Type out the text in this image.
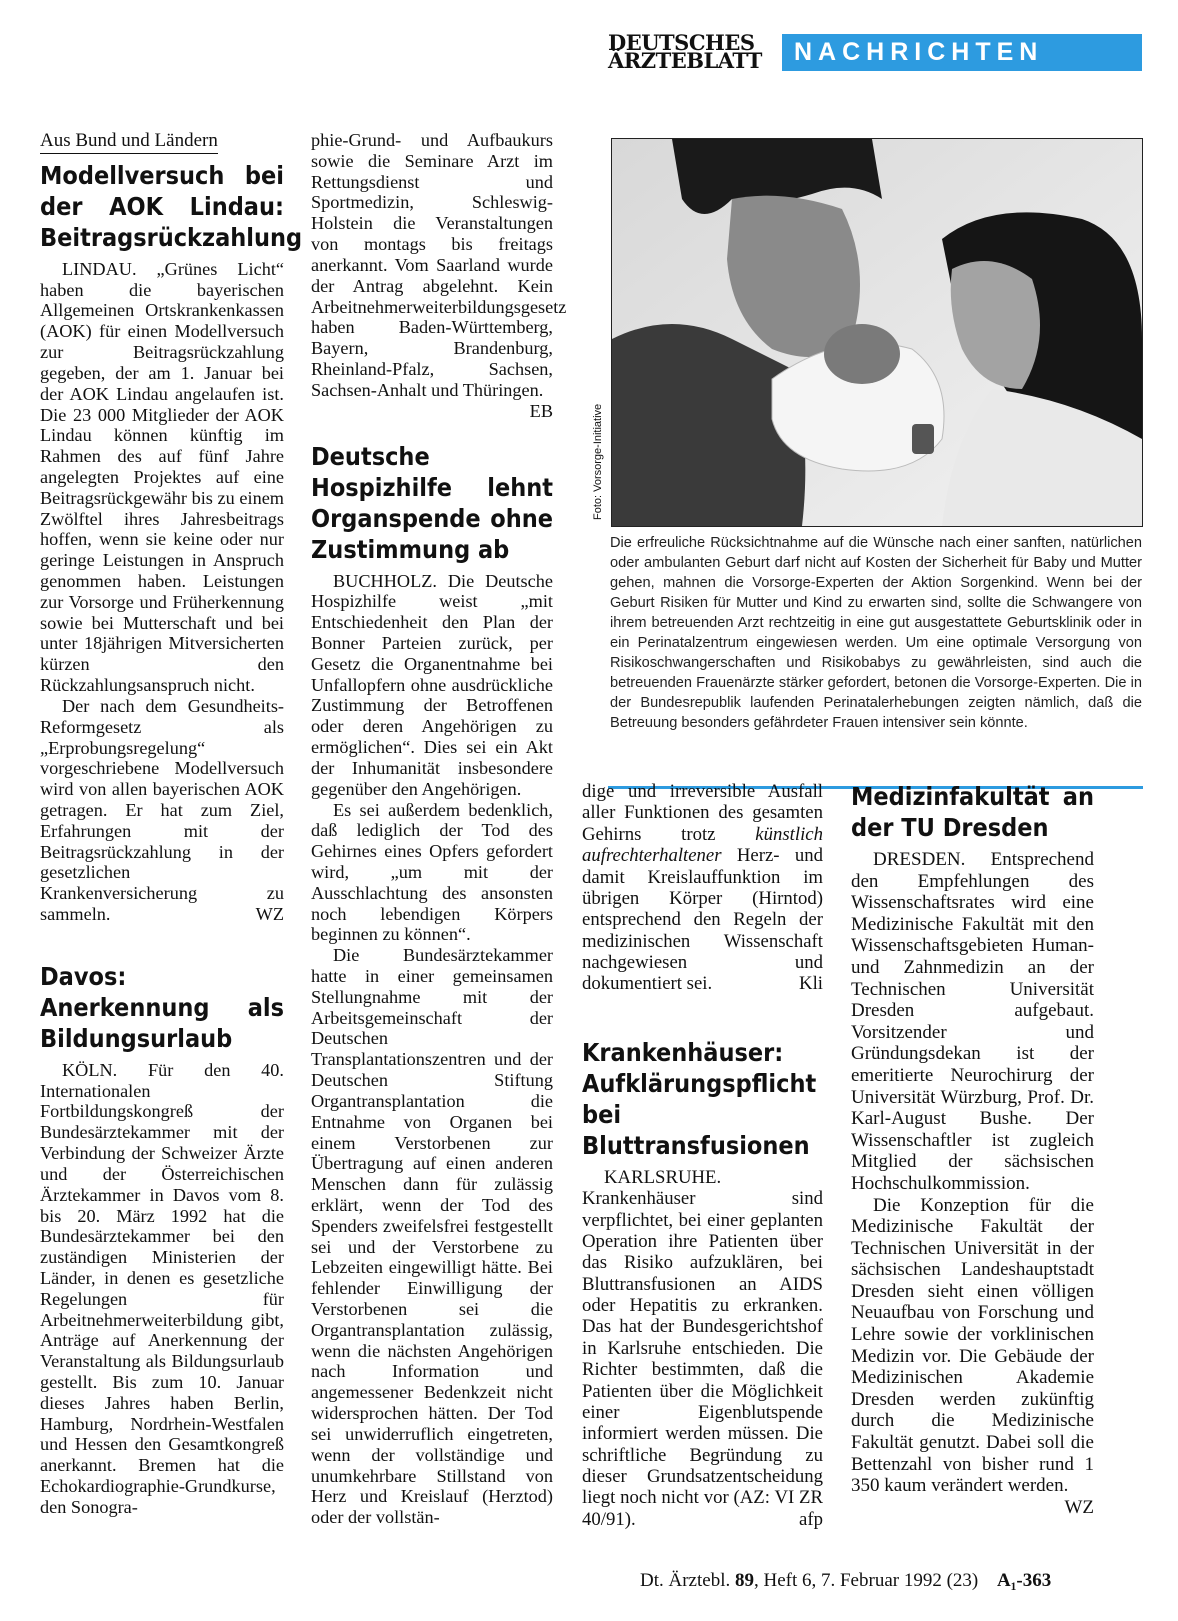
DEUTSCHES
ÄRZTEBLATT	NACHRICHTEN
Aus Bund und Ländern
Modellversuch bei der AOK Lindau: Beitragsrückzahlung

LINDAU. „Grünes Licht“ haben die bayerischen Allgemeinen Ortskrankenkassen (AOK) für einen Modellversuch zur Beitragsrückzahlung gegeben, der am 1. Januar bei der AOK Lindau angelaufen ist. Die 23 000 Mitglieder der AOK Lindau können künftig im Rahmen des auf fünf Jahre angelegten Projektes auf eine Beitragsrückgewähr bis zu einem Zwölftel ihres Jahresbeitrags hoffen, wenn sie keine oder nur geringe Leistungen in Anspruch genommen haben. Leistungen zur Vorsorge und Früherkennung sowie bei Mutterschaft und bei unter 18jährigen Mitversicherten kürzen den Rückzahlungsanspruch nicht.

Der nach dem Gesundheits-Reformgesetz als „Erprobungsregelung“ vorgeschriebene Modellversuch wird von allen bayerischen AOK getragen. Er hat zum Ziel, Erfahrungen mit der Beitragsrückzahlung in der gesetzlichen Krankenversicherung zu sammeln.	WZ

Davos: Anerkennung als Bildungsurlaub

KÖLN. Für den 40. Internationalen Fortbildungskongreß der Bundesärztekammer mit der Verbindung der Schweizer Ärzte und der Österreichischen Ärztekammer in Davos vom 8. bis 20. März 1992 hat die Bundesärztekammer bei den zuständigen Ministerien der Länder, in denen es gesetzliche Regelungen für Arbeitnehmerweiterbildung gibt, Anträge auf Anerkennung der Veranstaltung als Bildungsurlaub gestellt. Bis zum 10. Januar dieses Jahres haben Berlin, Hamburg, Nordrhein-Westfalen und Hessen den Gesamtkongreß anerkannt. Bremen hat die Echokardiographie-Grundkurse, den Sonogra-

phie-Grund- und Aufbaukurs sowie die Seminare Arzt im Rettungsdienst und Sportmedizin, Schleswig-Holstein die Veranstaltungen von montags bis freitags anerkannt. Vom Saarland wurde der Antrag abgelehnt. Kein Arbeitnehmerweiterbildungsgesetz haben Baden-Württemberg, Bayern, Brandenburg, Rheinland-Pfalz, Sachsen, Sachsen-Anhalt und Thüringen.
EB

Deutsche Hospizhilfe lehnt Organspende ohne Zustimmung ab

BUCHHOLZ. Die Deutsche Hospizhilfe weist „mit Entschiedenheit den Plan der Bonner Parteien zurück, per Gesetz die Organentnahme bei Unfallopfern ohne ausdrückliche Zustimmung der Betroffenen oder deren Angehörigen zu ermöglichen“. Dies sei ein Akt der Inhumanität insbesondere gegenüber den Angehörigen.

Es sei außerdem bedenklich, daß lediglich der Tod des Gehirnes eines Opfers gefordert wird, „um mit der Ausschlachtung des ansonsten noch lebendigen Körpers beginnen zu können“.

Die Bundesärztekammer hatte in einer gemeinsamen Stellungnahme mit der Arbeitsgemeinschaft der Deutschen Transplantationszentren und der Deutschen Stiftung Organtransplantation die Entnahme von Organen bei einem Verstorbenen zur Übertragung auf einen anderen Menschen dann für zulässig erklärt, wenn der Tod des Spenders zweifelsfrei festgestellt sei und der Verstorbene zu Lebzeiten eingewilligt hätte. Bei fehlender Einwilligung der Verstorbenen sei die Organtransplantation zulässig, wenn die nächsten Angehörigen nach Information und angemessener Bedenkzeit nicht widersprochen hätten. Der Tod sei unwiderruflich eingetreten, wenn der vollständige und unumkehrbare Stillstand von Herz und Kreislauf (Herztod) oder der vollstän-

Foto: Vorsorge-Initiative
Die erfreuliche Rücksichtnahme auf die Wünsche nach einer sanften, natürlichen oder ambulanten Geburt darf nicht auf Kosten der Sicherheit für Baby und Mutter gehen, mahnen die Vorsorge-Experten der Aktion Sorgenkind. Wenn bei der Geburt Risiken für Mutter und Kind zu erwarten sind, sollte die Schwangere von ihrem betreuenden Arzt rechtzeitig in eine gut ausgestattete Geburtsklinik oder in ein Perinatalzentrum eingewiesen werden. Um eine optimale Versorgung von Risikoschwangerschaften und Risikobabys zu gewährleisten, sind auch die betreuenden Frauenärzte stärker gefordert, betonen die Vorsorge-Experten. Die in der Bundesrepublik laufenden Perinatalerhebungen zeigten nämlich, daß die Betreuung besonders gefährdeter Frauen intensiver sein könnte.

dige und irreversible Ausfall aller Funktionen des gesamten Gehirns trotz künstlich aufrechterhaltener Herz- und damit Kreislauffunktion im übrigen Körper (Hirntod) entsprechend den Regeln der medizinischen Wissenschaft nachgewiesen und dokumentiert sei.	Kli

Krankenhäuser: Aufklärungspflicht bei Bluttransfusionen

KARLSRUHE. Krankenhäuser sind verpflichtet, bei einer geplanten Operation ihre Patienten über das Risiko aufzuklären, bei Bluttransfusionen an AIDS oder Hepatitis zu erkranken. Das hat der Bundesgerichtshof in Karlsruhe entschieden. Die Richter bestimmten, daß die Patienten über die Möglichkeit einer Eigenblutspende informiert werden müssen. Die schriftliche Begründung zu dieser Grundsatzentscheidung liegt noch nicht vor (AZ: VI ZR 40/91).	afp

Medizinfakultät an der TU Dresden

DRESDEN. Entsprechend den Empfehlungen des Wissenschaftsrates wird eine Medizinische Fakultät mit den Wissenschaftsgebieten Human- und Zahnmedizin an der Technischen Universität Dresden aufgebaut. Vorsitzender und Gründungsdekan ist der emeritierte Neurochirurg der Universität Würzburg, Prof. Dr. Karl-August Bushe. Der Wissenschaftler ist zugleich Mitglied der sächsischen Hochschulkommission.

Die Konzeption für die Medizinische Fakultät der Technischen Universität in der sächsischen Landeshauptstadt Dresden sieht einen völligen Neuaufbau von Forschung und Lehre sowie der vorklinischen Medizin vor. Die Gebäude der Medizinischen Akademie Dresden werden zukünftig durch die Medizinische Fakultät genutzt. Dabei soll die Bettenzahl von bisher rund 1 350 kaum verändert werden.
WZ

Dt. Ärztebl. 89, Heft 6, 7. Februar 1992 (23) A₁-363
